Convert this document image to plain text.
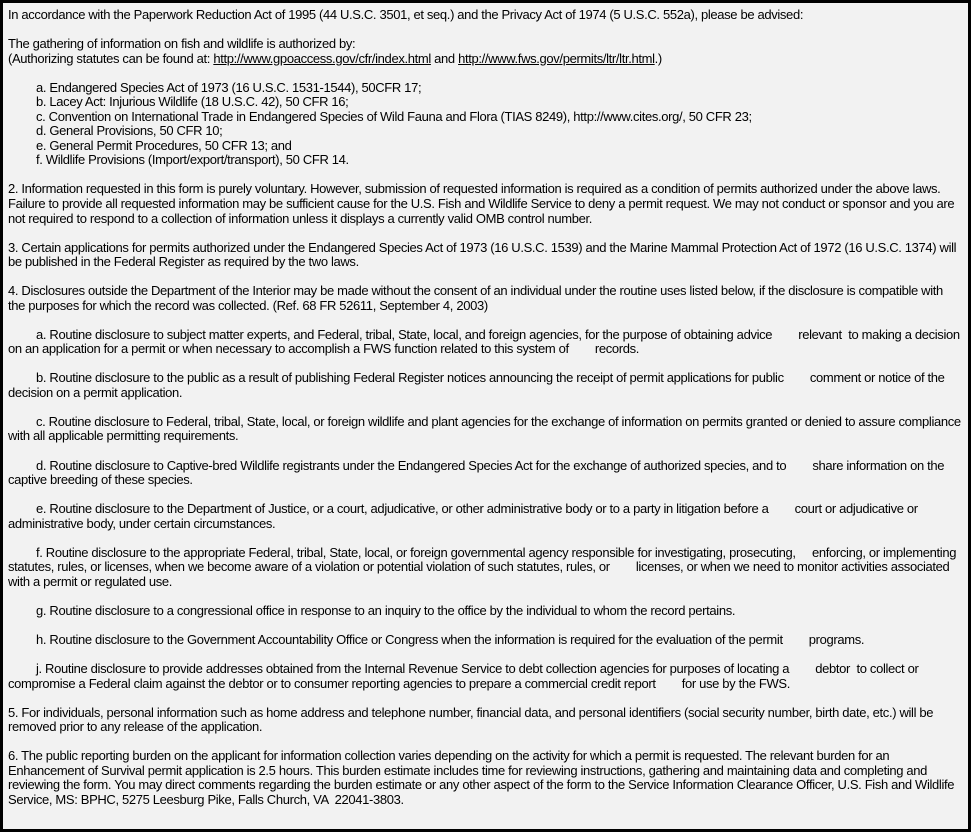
In accordance with the Paperwork Reduction Act of 1995 (44 U.S.C. 3501, et seq.) and the Privacy Act of 1974 (5 U.S.C. 552a), please be advised:
The gathering of information on fish and wildlife is authorized by:
(Authorizing statutes can be found at: http://www.gpoaccess.gov/cfr/index.html and http://www.fws.gov/permits/ltr/ltr.html.)
a. Endangered Species Act of 1973 (16 U.S.C. 1531-1544), 50CFR 17;
b. Lacey Act: Injurious Wildlife (18 U.S.C. 42), 50 CFR 16;
c. Convention on International Trade in Endangered Species of Wild Fauna and Flora (TIAS 8249), http://www.cites.org/, 50 CFR 23;
d. General Provisions, 50 CFR 10;
e. General Permit Procedures, 50 CFR 13; and
f. Wildlife Provisions (Import/export/transport), 50 CFR 14.
2. Information requested in this form is purely voluntary. However, submission of requested information is required as a condition of permits authorized under the above laws. Failure to provide all requested information may be sufficient cause for the U.S. Fish and Wildlife Service to deny a permit request. We may not conduct or sponsor and you are not required to respond to a collection of information unless it displays a currently valid OMB control number.
3. Certain applications for permits authorized under the Endangered Species Act of 1973 (16 U.S.C. 1539) and the Marine Mammal Protection Act of 1972 (16 U.S.C. 1374) will be published in the Federal Register as required by the two laws.
4. Disclosures outside the Department of the Interior may be made without the consent of an individual under the routine uses listed below, if the disclosure is compatible with the purposes for which the record was collected. (Ref. 68 FR 52611, September 4, 2003)
a. Routine disclosure to subject matter experts, and Federal, tribal, State, local, and foreign agencies, for the purpose of obtaining advice        relevant  to making a decision on an application for a permit or when necessary to accomplish a FWS function related to this system of        records.
b. Routine disclosure to the public as a result of publishing Federal Register notices announcing the receipt of permit applications for public        comment or notice of the decision on a permit application.
c. Routine disclosure to Federal, tribal, State, local, or foreign wildlife and plant agencies for the exchange of information on permits granted or denied to assure compliance with all applicable permitting requirements.
d. Routine disclosure to Captive-bred Wildlife registrants under the Endangered Species Act for the exchange of authorized species, and to        share information on the captive breeding of these species.
e. Routine disclosure to the Department of Justice, or a court, adjudicative, or other administrative body or to a party in litigation before a        court or adjudicative or administrative body, under certain circumstances.
f. Routine disclosure to the appropriate Federal, tribal, State, local, or foreign governmental agency responsible for investigating, prosecuting,     enforcing, or implementing statutes, rules, or licenses, when we become aware of a violation or potential violation of such statutes, rules, or        licenses, or when we need to monitor activities associated with a permit or regulated use.
g. Routine disclosure to a congressional office in response to an inquiry to the office by the individual to whom the record pertains.
h. Routine disclosure to the Government Accountability Office or Congress when the information is required for the evaluation of the permit        programs.
j. Routine disclosure to provide addresses obtained from the Internal Revenue Service to debt collection agencies for purposes of locating a        debtor  to collect or compromise a Federal claim against the debtor or to consumer reporting agencies to prepare a commercial credit report        for use by the FWS.
5. For individuals, personal information such as home address and telephone number, financial data, and personal identifiers (social security number, birth date, etc.) will be removed prior to any release of the application.
6. The public reporting burden on the applicant for information collection varies depending on the activity for which a permit is requested. The relevant burden for an Enhancement of Survival permit application is 2.5 hours. This burden estimate includes time for reviewing instructions, gathering and maintaining data and completing and reviewing the form. You may direct comments regarding the burden estimate or any other aspect of the form to the Service Information Clearance Officer, U.S. Fish and Wildlife Service, MS: BPHC, 5275 Leesburg Pike, Falls Church, VA  22041-3803.
